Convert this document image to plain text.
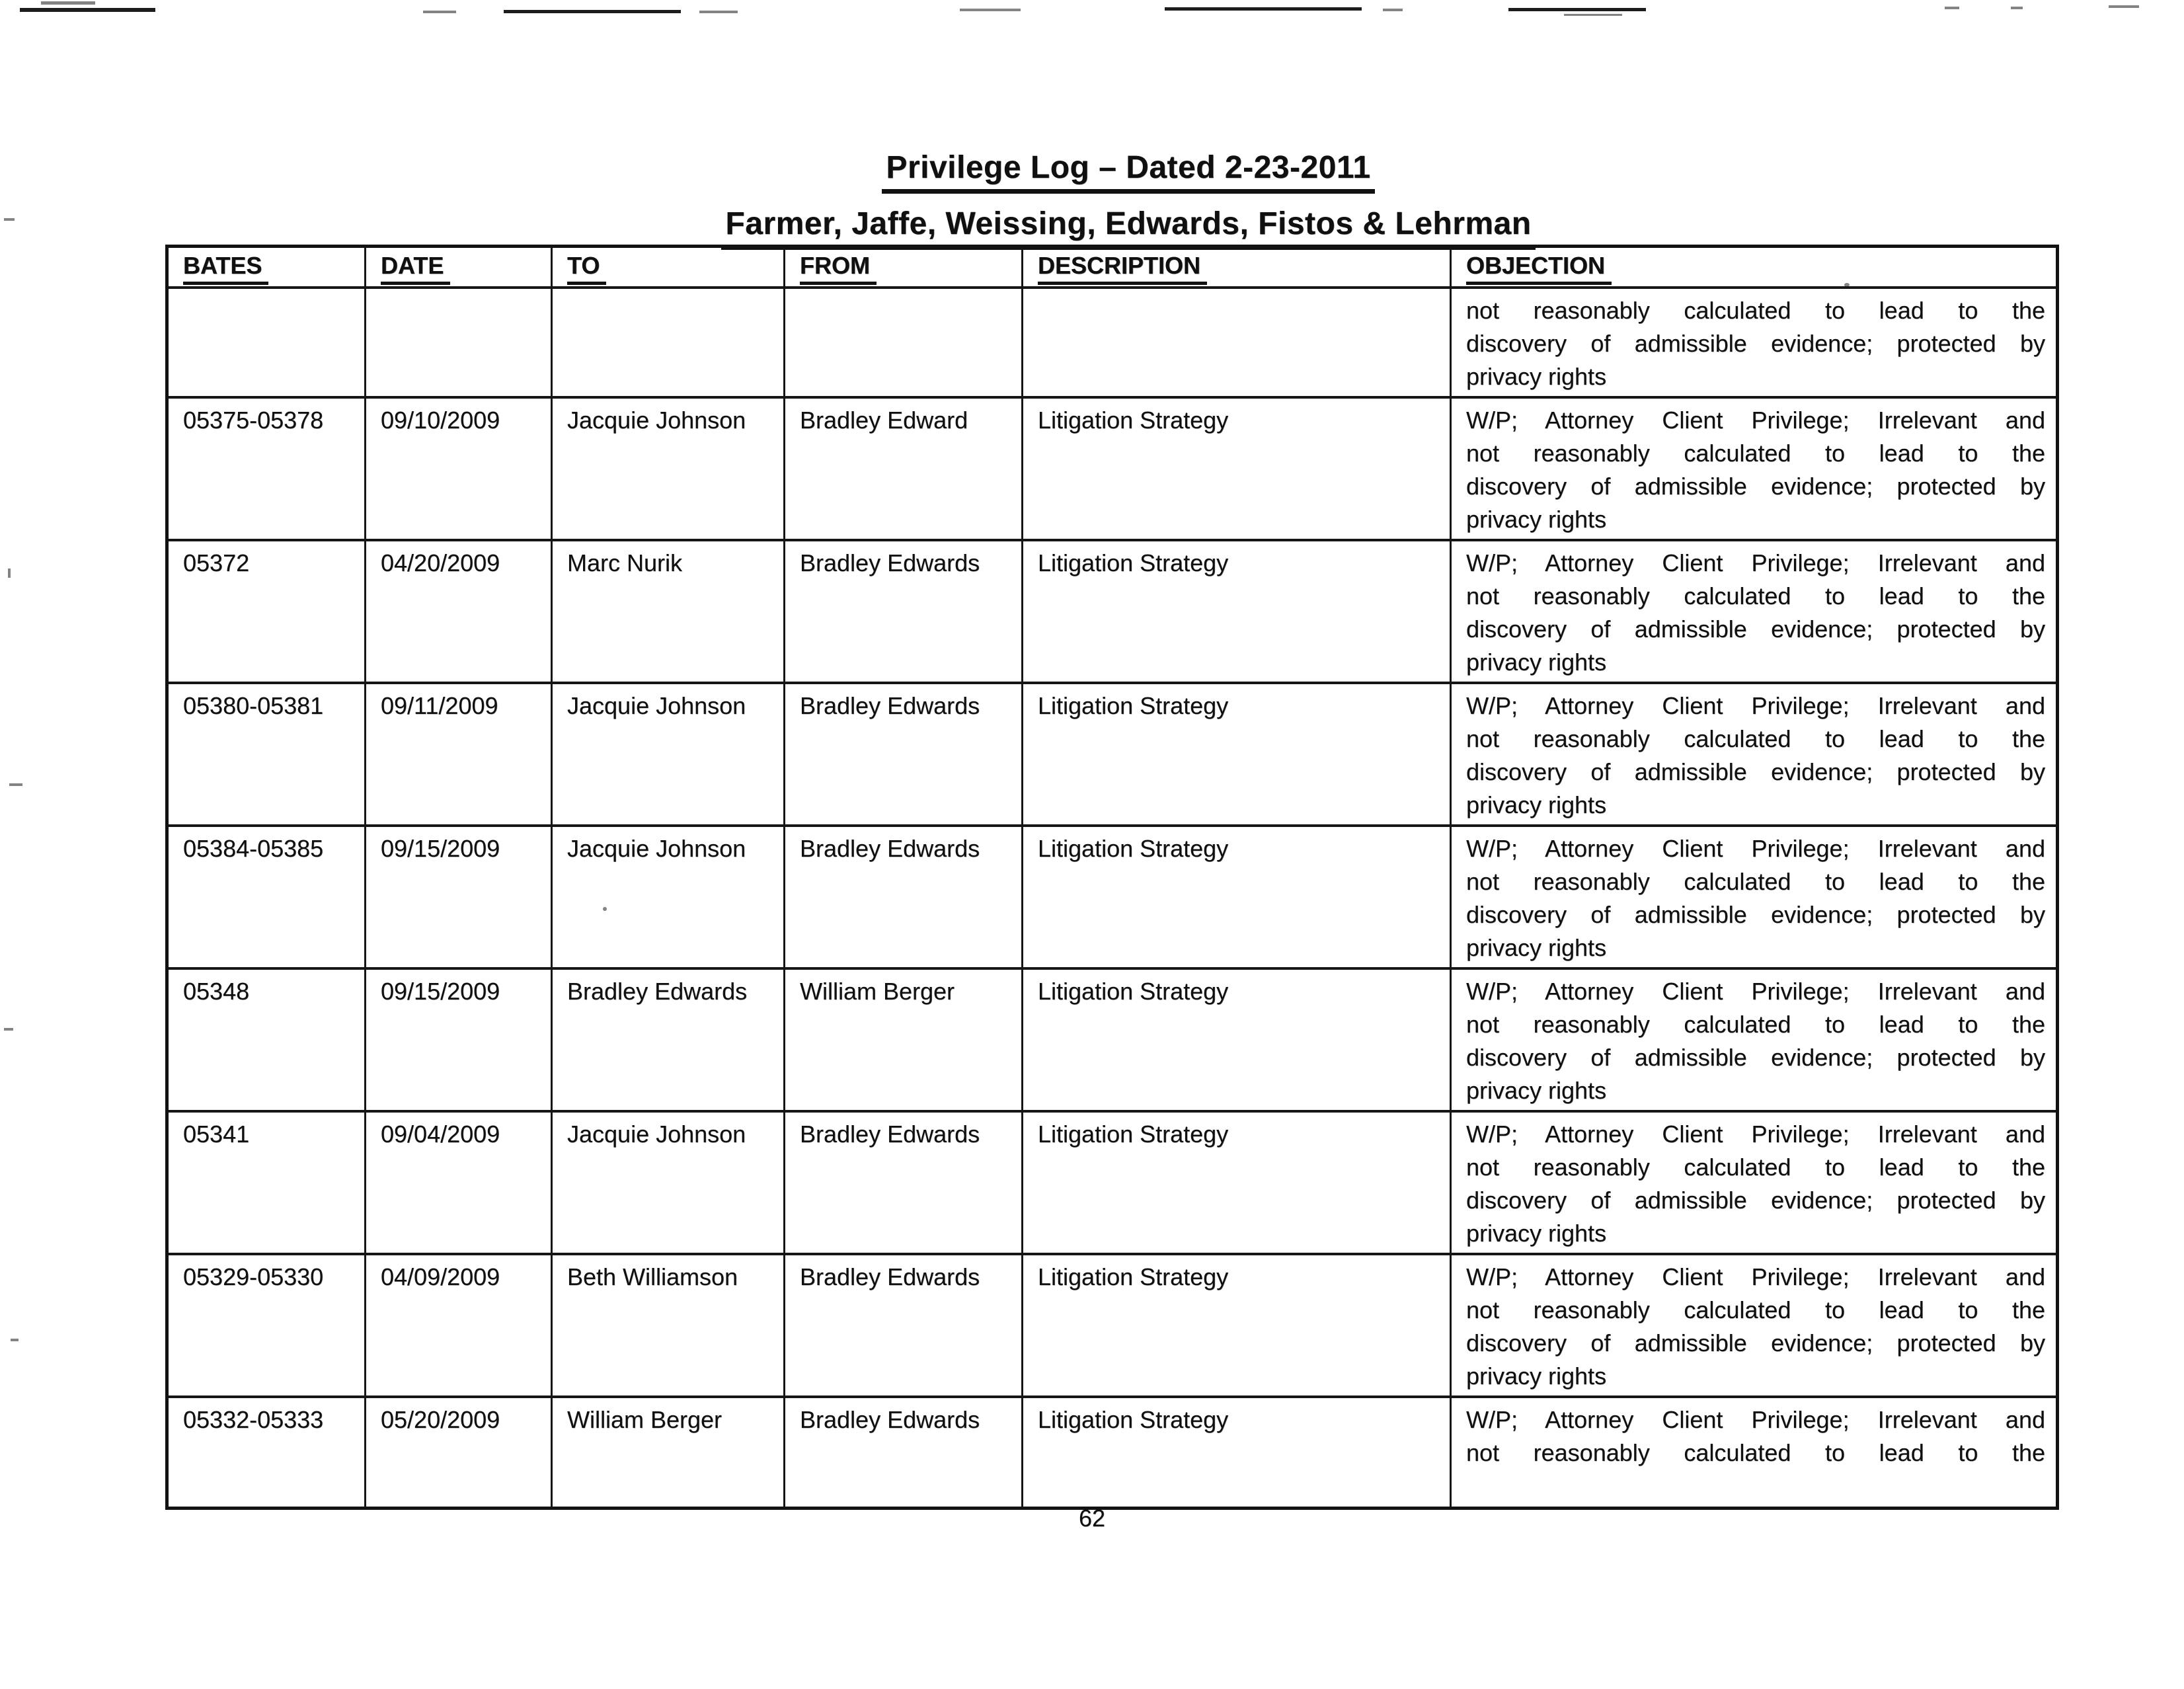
Privilege Log – Dated 2-23-2011
Farmer, Jaffe, Weissing, Edwards, Fistos & Lehrman
BATES	DATE	TO	FROM	DESCRIPTION	OBJECTION

					not reasonably calculated to lead to the
discovery of admissible evidence; protected by
privacy rights

05375-05378	09/10/2009	Jacquie Johnson	Bradley Edward	Litigation Strategy	W/P; Attorney Client Privilege; Irrelevant and
not reasonably calculated to lead to the
discovery of admissible evidence; protected by
privacy rights

05372	04/20/2009	Marc Nurik	Bradley Edwards	Litigation Strategy	W/P; Attorney Client Privilege; Irrelevant and
not reasonably calculated to lead to the
discovery of admissible evidence; protected by
privacy rights

05380-05381	09/11/2009	Jacquie Johnson	Bradley Edwards	Litigation Strategy	W/P; Attorney Client Privilege; Irrelevant and
not reasonably calculated to lead to the
discovery of admissible evidence; protected by
privacy rights

05384-05385	09/15/2009	Jacquie Johnson	Bradley Edwards	Litigation Strategy	W/P; Attorney Client Privilege; Irrelevant and
not reasonably calculated to lead to the
discovery of admissible evidence; protected by
privacy rights

05348	09/15/2009	Bradley Edwards	William Berger	Litigation Strategy	W/P; Attorney Client Privilege; Irrelevant and
not reasonably calculated to lead to the
discovery of admissible evidence; protected by
privacy rights

05341	09/04/2009	Jacquie Johnson	Bradley Edwards	Litigation Strategy	W/P; Attorney Client Privilege; Irrelevant and
not reasonably calculated to lead to the
discovery of admissible evidence; protected by
privacy rights

05329-05330	04/09/2009	Beth Williamson	Bradley Edwards	Litigation Strategy	W/P; Attorney Client Privilege; Irrelevant and
not reasonably calculated to lead to the
discovery of admissible evidence; protected by
privacy rights

05332-05333	05/20/2009	William Berger	Bradley Edwards	Litigation Strategy	W/P; Attorney Client Privilege; Irrelevant and
not reasonably calculated to lead to the
62
